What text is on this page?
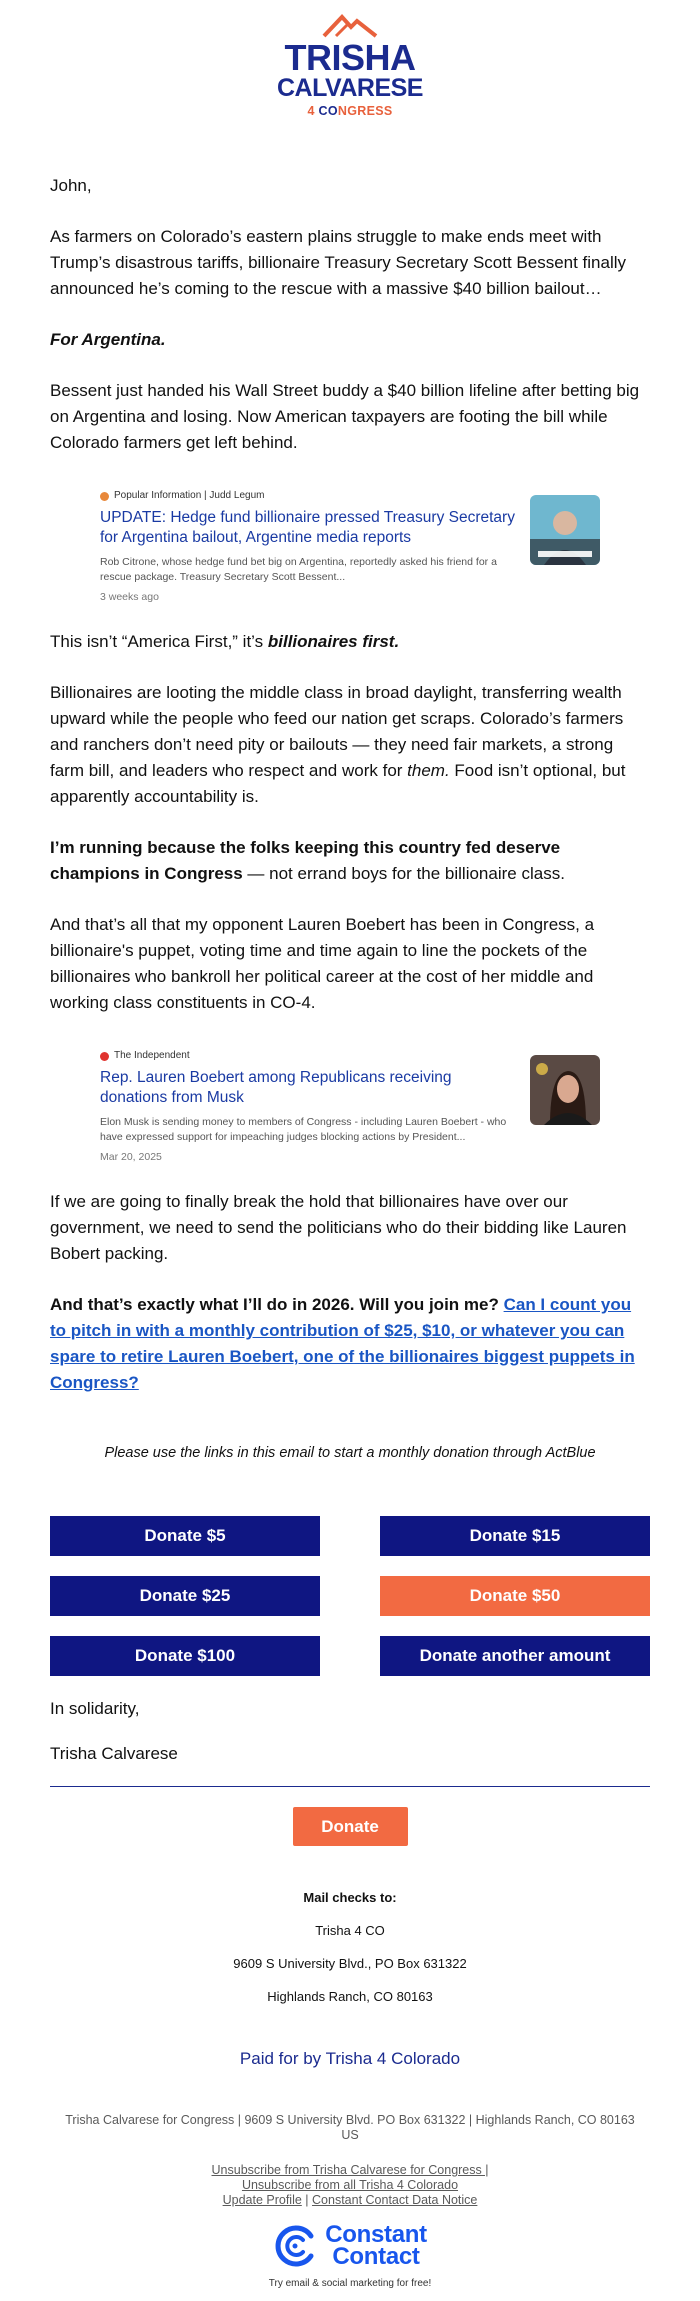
TRISHA
CALVARESE
4 CONGRESS

John,

As farmers on Colorado’s eastern plains struggle to make ends meet with Trump’s disastrous tariffs, billionaire Treasury Secretary Scott Bessent finally announced he’s coming to the rescue with a massive $40 billion bailout…

For Argentina.

Bessent just handed his Wall Street buddy a $40 billion lifeline after betting big on Argentina and losing. Now American taxpayers are footing the bill while Colorado farmers get left behind.

Popular Information | Judd Legum
UPDATE: Hedge fund billionaire pressed Treasury Secretary for Argentina bailout, Argentine media reports
Rob Citrone, whose hedge fund bet big on Argentina, reportedly asked his friend for a rescue package. Treasury Secretary Scott Bessent...
3 weeks ago

This isn’t “America First,” it’s billionaires first.

Billionaires are looting the middle class in broad daylight, transferring wealth upward while the people who feed our nation get scraps. Colorado’s farmers and ranchers don’t need pity or bailouts — they need fair markets, a strong farm bill, and leaders who respect and work for them. Food isn’t optional, but apparently accountability is.

I’m running because the folks keeping this country fed deserve champions in Congress — not errand boys for the billionaire class.

And that’s all that my opponent Lauren Boebert has been in Congress, a billionaire's puppet, voting time and time again to line the pockets of the billionaires who bankroll her political career at the cost of her middle and working class constituents in CO-4.

The Independent
Rep. Lauren Boebert among Republicans receiving donations from Musk
Elon Musk is sending money to members of Congress - including Lauren Boebert - who have expressed support for impeaching judges blocking actions by President...
Mar 20, 2025

If we are going to finally break the hold that billionaires have over our government, we need to send the politicians who do their bidding like Lauren Bobert packing.

And that’s exactly what I’ll do in 2026. Will you join me? Can I count you to pitch in with a monthly contribution of $25, $10, or whatever you can spare to retire Lauren Boebert, one of the billionaires biggest puppets in Congress?

Please use the links in this email to start a monthly donation through ActBlue
Donate $5	Donate $15
Donate $25	Donate $50
Donate $100	Donate another amount

In solidarity,

Trisha Calvarese

Donate
Mail checks to:
Trisha 4 CO
9609 S University Blvd., PO Box 631322
Highlands Ranch, CO 80163
Paid for by Trisha 4 Colorado
Trisha Calvarese for Congress | 9609 S University Blvd. PO Box 631322 | Highlands Ranch, CO 80163 US
Unsubscribe from Trisha Calvarese for Congress |
Unsubscribe from all Trisha 4 Colorado
Update Profile | Constant Contact Data Notice
Constant
Contact
Try email & social marketing for free!
